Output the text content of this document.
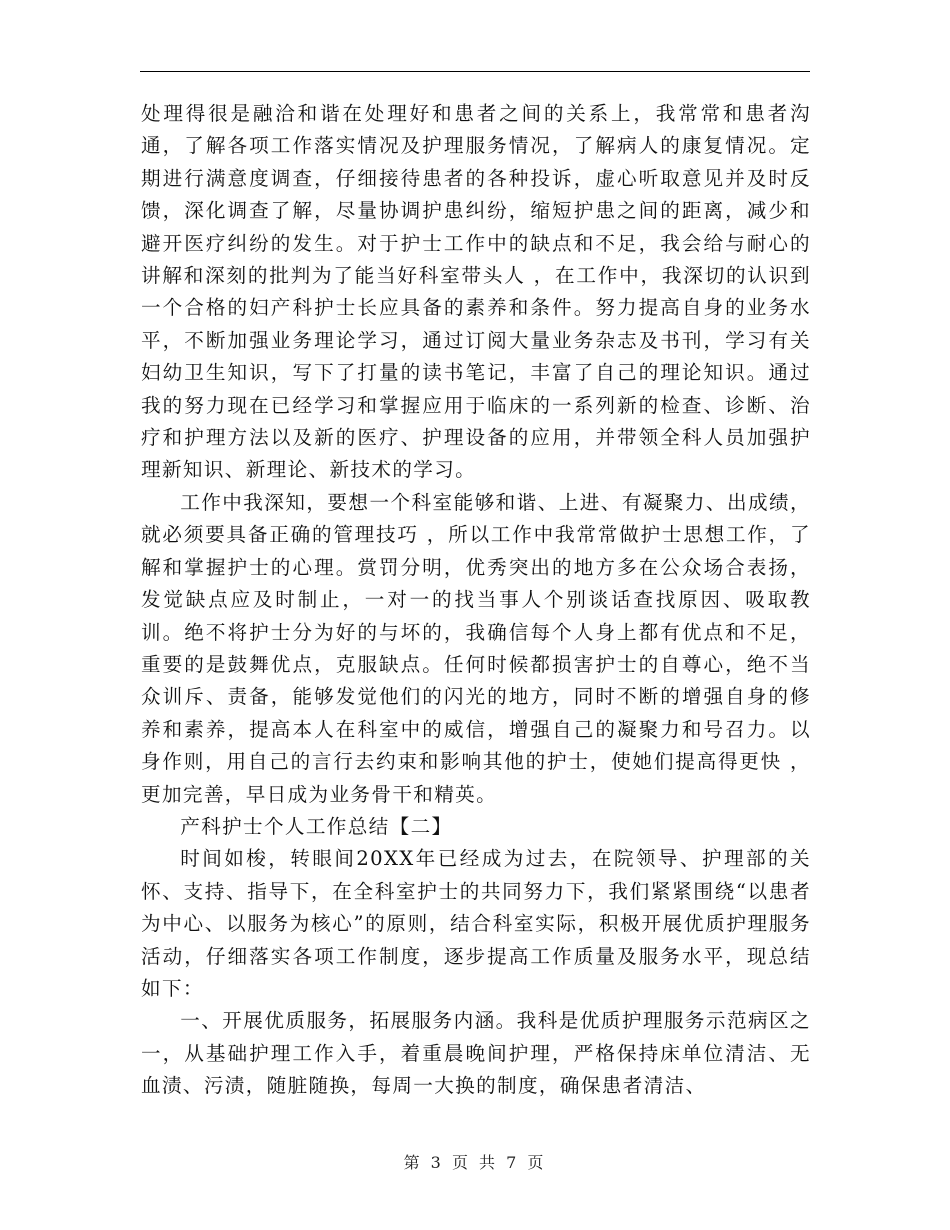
处理得很是融洽和谐在处理好和患者之间的关系上，我常常和患者沟通，了解各项工作落实情况及护理服务情况，了解病人的康复情况。定期进行满意度调查，仔细接待患者的各种投诉，虚心听取意见并及时反馈，深化调查了解，尽量协调护患纠纷，缩短护患之间的距离，减少和避开医疗纠纷的发生。对于护士工作中的缺点和不足，我会给与耐心的讲解和深刻的批判为了能当好科室带头人 ，在工作中，我深切的认识到一个合格的妇产科护士长应具备的素养和条件。努力提高自身的业务水平，不断加强业务理论学习，通过订阅大量业务杂志及书刊，学习有关妇幼卫生知识，写下了打量的读书笔记，丰富了自己的理论知识。通过我的努力现在已经学习和掌握应用于临床的一系列新的检查、诊断、治疗和护理方法以及新的医疗、护理设备的应用，并带领全科人员加强护理新知识、新理论、新技术的学习。

工作中我深知，要想一个科室能够和谐、上进、有凝聚力、出成绩，就必须要具备正确的管理技巧 ，所以工作中我常常做护士思想工作，了解和掌握护士的心理。赏罚分明，优秀突出的地方多在公众场合表扬，发觉缺点应及时制止，一对一的找当事人个别谈话查找原因、吸取教训。绝不将护士分为好的与坏的，我确信每个人身上都有优点和不足，重要的是鼓舞优点，克服缺点。任何时候都损害护士的自尊心，绝不当众训斥、责备，能够发觉他们的闪光的地方，同时不断的增强自身的修养和素养，提高本人在科室中的威信，增强自己的凝聚力和号召力。以身作则，用自己的言行去约束和影响其他的护士，使她们提高得更快 ，更加完善，早日成为业务骨干和精英。

产科护士个人工作总结【二】

时间如梭，转眼间20XX年已经成为过去，在院领导、护理部的关怀、支持、指导下，在全科室护士的共同努力下，我们紧紧围绕“以患者为中心、以服务为核心”的原则，结合科室实际，积极开展优质护理服务活动，仔细落实各项工作制度，逐步提高工作质量及服务水平，现总结如下：

一、开展优质服务，拓展服务内涵。我科是优质护理服务示范病区之一，从基础护理工作入手，着重晨晚间护理，严格保持床单位清洁、无血渍、污渍，随脏随换，每周一大换的制度，确保患者清洁、

第 3 页 共 7 页
